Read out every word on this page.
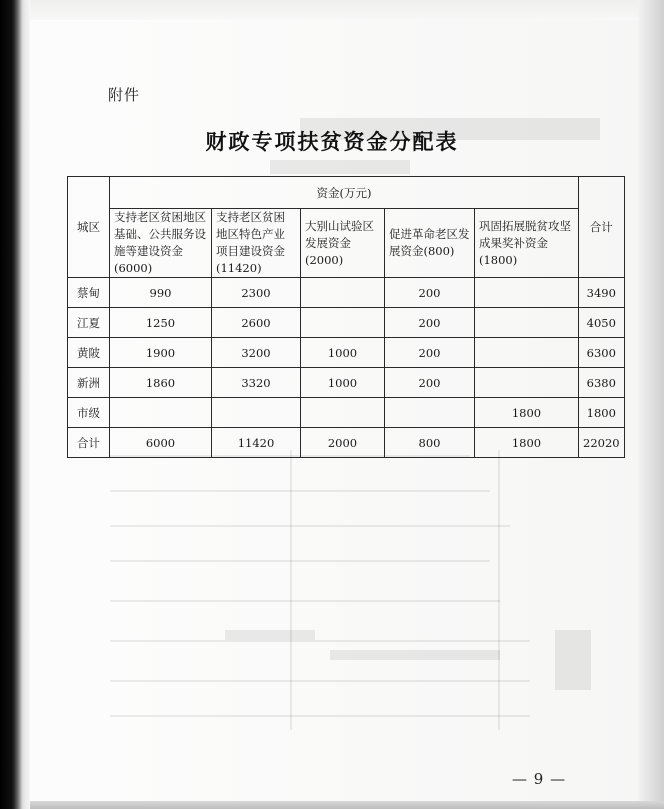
附件
财政专项扶贫资金分配表
城区	资金(万元)					合计
	支持老区贫困地区基础、公共服务设施等建设资金(6000)	支持老区贫困地区特色产业项目建设资金(11420)	大别山试验区发展资金(2000)	促进革命老区发展资金(800)	巩固拓展脱贫攻坚成果奖补资金(1800)	
蔡甸	990	2300		200		3490
江夏	1250	2600		200		4050
黄陂	1900	3200	1000	200		6300
新洲	1860	3320	1000	200		6380
市级					1800	1800
合计	6000	11420	2000	800	1800	22020
— 9 —
